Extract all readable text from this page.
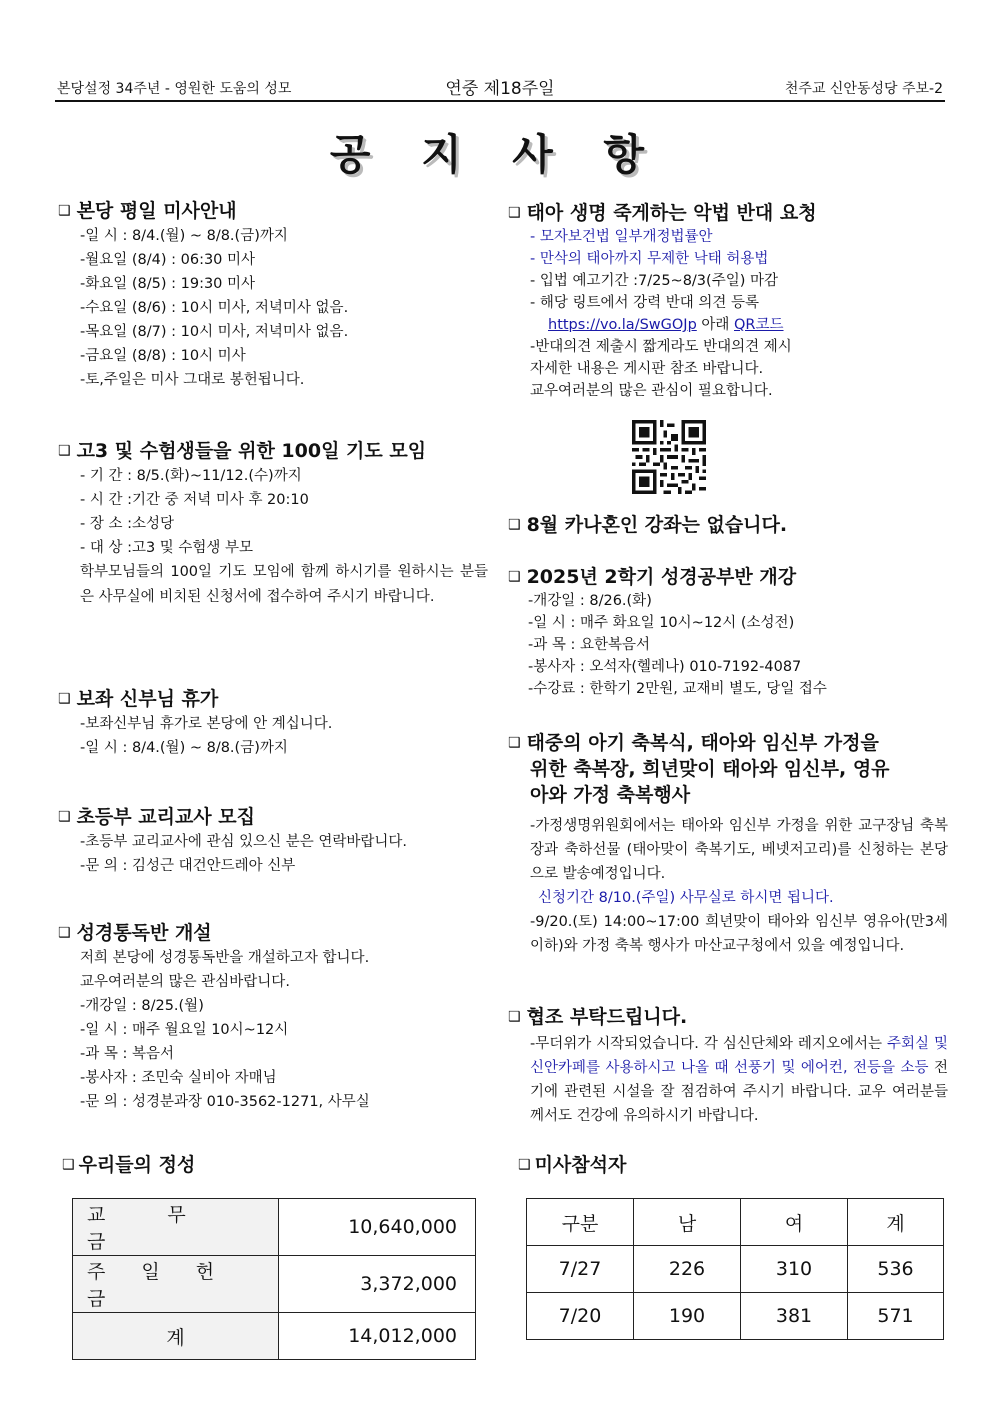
본당설정 34주년 - 영원한 도움의 성모	연중 제18주일	천주교 신안동성당 주보-2
공 지 사 항
❑ 본당 평일 미사안내
-일 시 : 8/4.(월) ~ 8/8.(금)까지
-월요일 (8/4) : 06:30 미사
-화요일 (8/5) : 19:30 미사
-수요일 (8/6) : 10시 미사, 저녁미사 없음.
-목요일 (8/7) : 10시 미사, 저녁미사 없음.
-금요일 (8/8) : 10시 미사
-토,주일은 미사 그대로 봉헌됩니다.
❑ 고3 및 수험생들을 위한 100일 기도 모임
- 기 간 : 8/5.(화)~11/12.(수)까지
- 시 간 :기간 중 저녁 미사 후 20:10
- 장 소 :소성당
- 대 상 :고3 및 수험생 부모
학부모님들의 100일 기도 모임에 함께 하시기를 원하시는 분들은 사무실에 비치된 신청서에 접수하여 주시기 바랍니다.
❑ 보좌 신부님 휴가
-보좌신부님 휴가로 본당에 안 계십니다.
-일 시 : 8/4.(월) ~ 8/8.(금)까지
❑ 초등부 교리교사 모집
-초등부 교리교사에 관심 있으신 분은 연락바랍니다.
-문 의 : 김성근 대건안드레아 신부
❑ 성경통독반 개설
저희 본당에 성경통독반을 개설하고자 합니다.
교우여러분의 많은 관심바랍니다.
-개강일 : 8/25.(월)
-일 시 : 매주 월요일 10시~12시
-과 목 : 복음서
-봉사자 : 조민숙 실비아 자매님
-문 의 : 성경분과장 010-3562-1271, 사무실
❑ 태아 생명 죽게하는 악법 반대 요청
- 모자보건법 일부개정법률안
- 만삭의 태아까지 무제한 낙태 허용법
- 입법 예고기간 :7/25~8/3(주일) 마감
- 해당 링트에서 강력 반대 의견 등록
https://vo.la/SwGOJp 아래 QR코드
-반대의견 제출시 짧게라도 반대의견 제시
자세한 내용은 게시판 참조 바랍니다.
교우여러분의 많은 관심이 필요합니다.
❑ 8월 카나혼인 강좌는 없습니다.
❑ 2025년 2학기 성경공부반 개강
-개강일 : 8/26.(화)
-일 시 : 매주 화요일 10시~12시 (소성전)
-과 목 : 요한복음서
-봉사자 : 오석자(헬레나) 010-7192-4087
-수강료 : 한학기 2만원, 교재비 별도, 당일 접수
❑ 태중의 아기 축복식, 태아와 임신부 가정을
위한 축복장, 희년맞이 태아와 임신부, 영유
아와 가정 축복행사
-가정생명위원회에서는 태아와 임신부 가정을 위한 교구장님 축복장과 축하선물 (태아맞이 축복기도, 베넷저고리)를 신청하는 본당으로 발송예정입니다.
신청기간 8/10.(주일) 사무실로 하시면 됩니다.
-9/20.(토) 14:00~17:00 희년맞이 태아와 임신부 영유아(만3세이하)와 가정 축복 행사가 마산교구청에서 있을 예정입니다.
❑ 협조 부탁드립니다.
-무더위가 시작되었습니다. 각 심신단체와 레지오에서는 주회실 및 신안카페를 사용하시고 나올 때 선풍기 및 에어컨, 전등을 소등 전기에 관련된 시설을 잘 점검하여 주시기 바랍니다. 교우 여러분들께서도 건강에 유의하시기 바랍니다.
❑ 우리들의 정성
교 무 금	10,640,000
주 일 헌 금	3,372,000
계	14,012,000
❑ 미사참석자
구분	남	여	계
7/27	226	310	536
7/20	190	381	571
